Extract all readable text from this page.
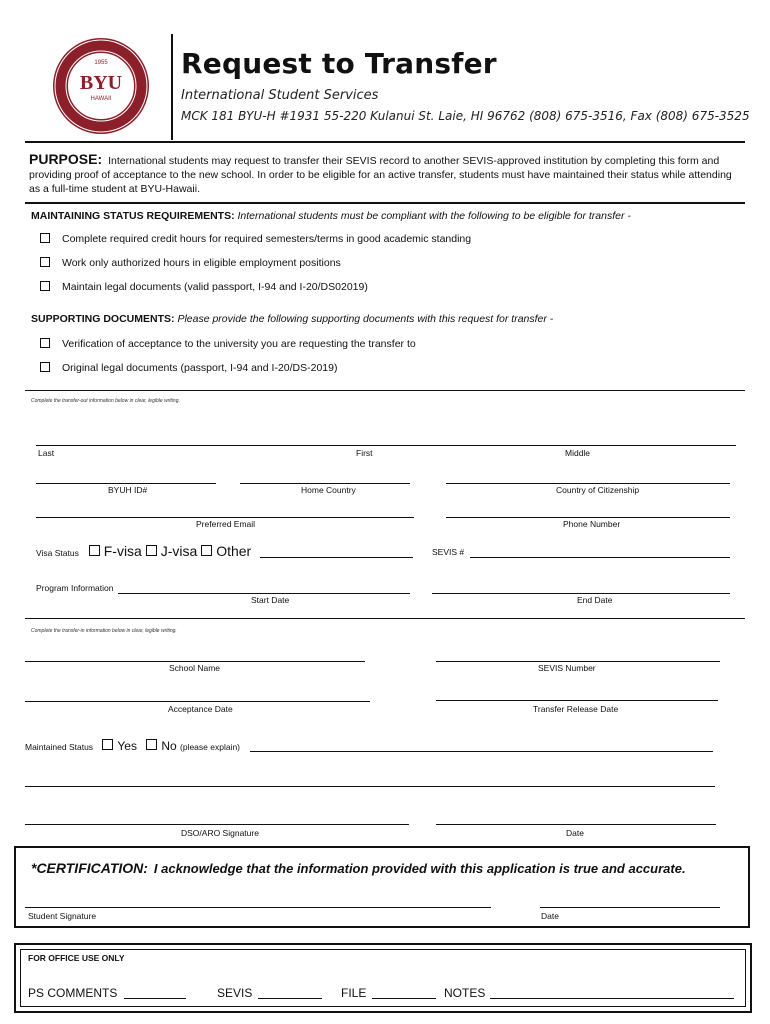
1955
BYU
HAWAII
Request to Transfer
International Student Services
MCK 181 BYU-H #1931 55-220 Kulanui St. Laie, HI 96762 (808) 675-3516, Fax (808) 675-3525
PURPOSE: International students may request to transfer their SEVIS record to another SEVIS-approved institution by completing this form and providing proof of acceptance to the new school. In order to be eligible for an active transfer, students must have maintained their status while attending as a full-time student at BYU-Hawaii.
MAINTAINING STATUS REQUIREMENTS: International students must be compliant with the following to be eligible for transfer -
Complete required credit hours for required semesters/terms in good academic standing
Work only authorized hours in eligible employment positions
Maintain legal documents (valid passport, I-94 and I-20/DS02019)
SUPPORTING DOCUMENTS: Please provide the following supporting documents with this request for transfer -
Verification of acceptance to the university you are requesting the transfer to
Original legal documents (passport, I-94 and I-20/DS-2019)
Complete the transfer-out information below in clear, legible writing.
Last	First	Middle
BYUH ID#	Home Country	Country of Citizenship
Preferred Email	Phone Number
Visa Status F-visa J-visa Other	SEVIS #
Program Information
Start Date	End Date
Complete the transfer-in information below in clear, legible writing.
School Name	SEVIS Number
Acceptance Date	Transfer Release Date
Maintained Status Yes No (please explain)
DSO/ARO Signature	Date
*CERTIFICATION: I acknowledge that the information provided with this application is true and accurate.
Student Signature	Date
FOR OFFICE USE ONLY
PS COMMENTS	SEVIS	FILE	NOTES
